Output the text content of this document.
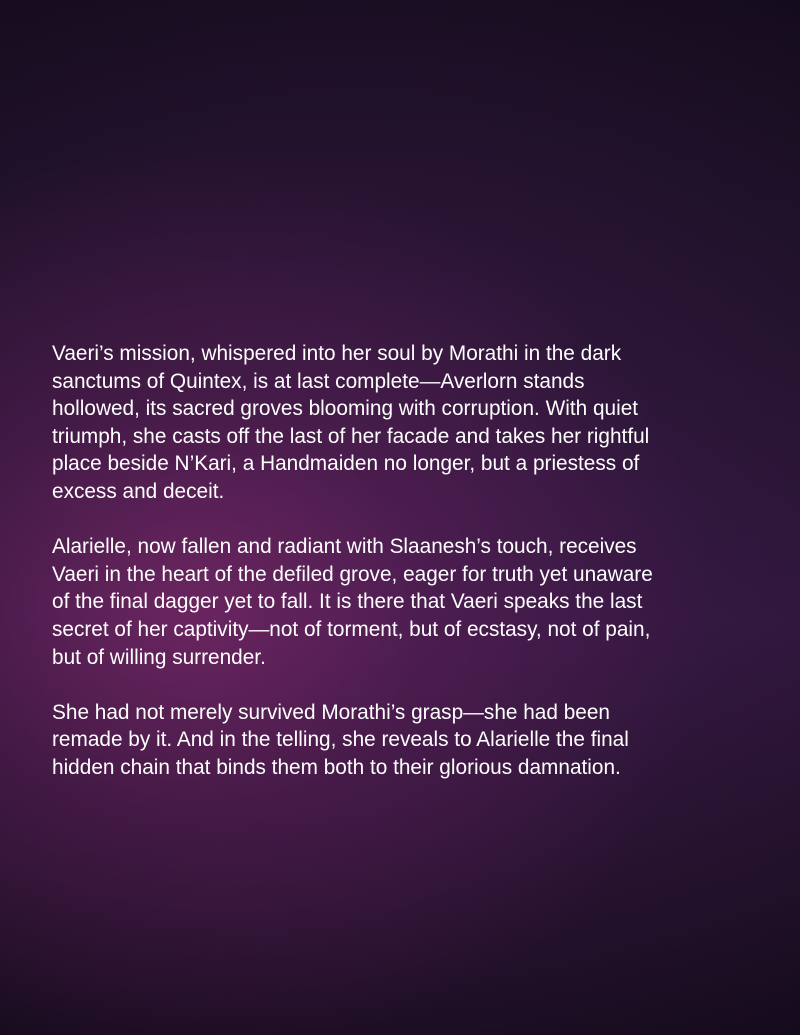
Vaeri’s mission, whispered into her soul by Morathi in the dark
sanctums of Quintex, is at last complete—Averlorn stands
hollowed, its sacred groves blooming with corruption. With quiet
triumph, she casts off the last of her facade and takes her rightful
place beside N’Kari, a Handmaiden no longer, but a priestess of
excess and deceit.

Alarielle, now fallen and radiant with Slaanesh’s touch, receives
Vaeri in the heart of the defiled grove, eager for truth yet unaware
of the final dagger yet to fall. It is there that Vaeri speaks the last
secret of her captivity—not of torment, but of ecstasy, not of pain,
but of willing surrender.

She had not merely survived Morathi’s grasp—she had been
remade by it. And in the telling, she reveals to Alarielle the final
hidden chain that binds them both to their glorious damnation.
